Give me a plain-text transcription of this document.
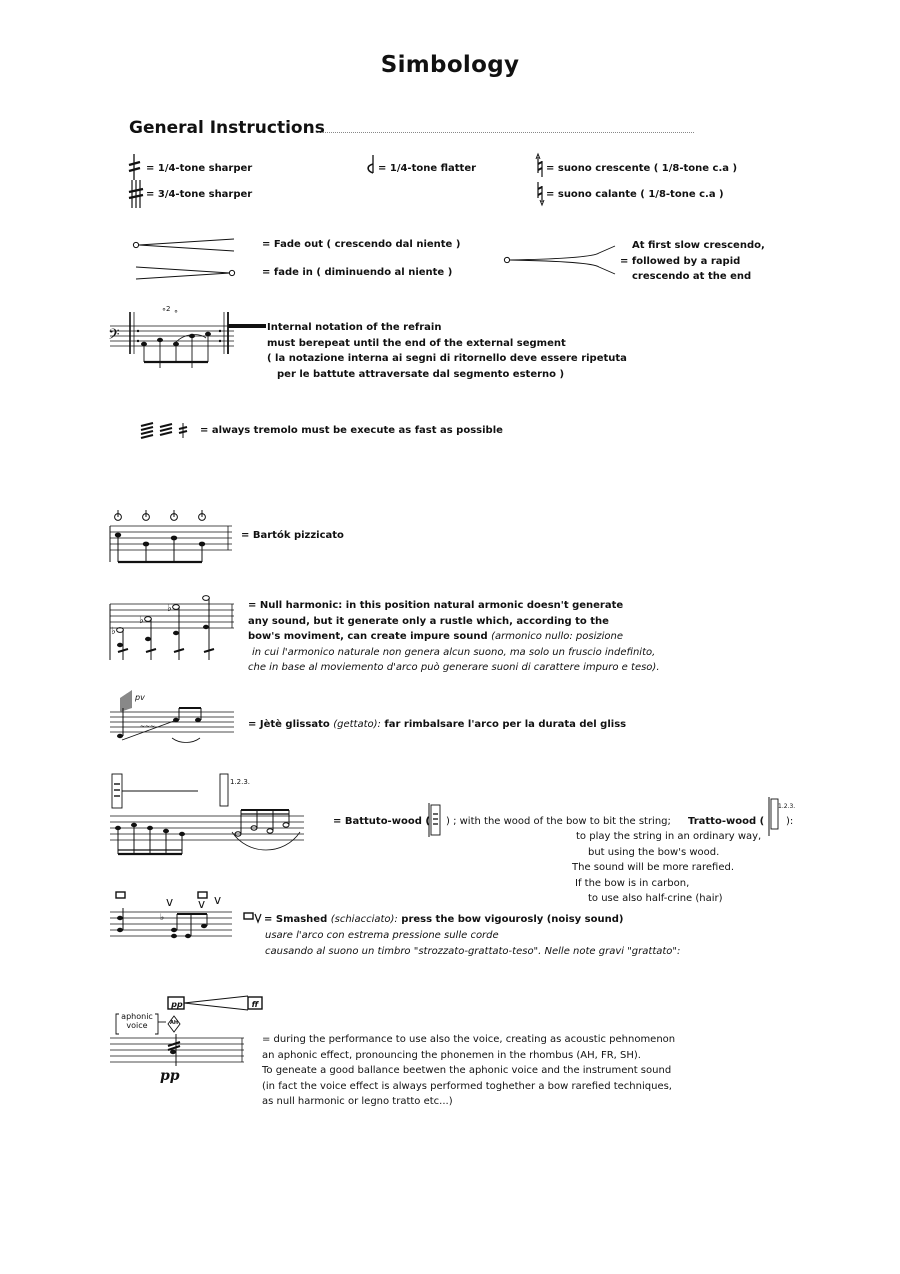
Simbology
General Instructions
= 1/4-tone sharper
= 3/4-tone sharper
= 1/4-tone flatter	= suono crescente ( 1/8-tone c.a )
= suono calante ( 1/8-tone c.a )
= Fade out ( crescendo dal niente )
= fade in ( diminuendo al niente )
At first slow crescendo,
= followed by a rapid
crescendo at the end
𝄢
° °
2
Internal notation of the refrain
must berepeat until the end of the external segment
( la notazione interna ai segni di ritornello deve essere ripetuta
per le battute attraversate dal segmento esterno )
= always tremolo must be execute as fast as possible
= Bartók pizzicato
♭
♭
♭	= Null harmonic: in this position natural armonic doesn't generate
any sound, but it generate only a rustle which, according to the
bow's moviment, can create impure sound (armonico nullo: posizione
in cui l'armonico naturale non genera alcun suono, ma solo un fruscio indefinito,
che in base al moviemento d'arco può generare suoni di carattere impuro e teso).
pv
~~~	= Jètè glissato (gettato): far rimbalsare l'arco per la durata del gliss
1.2.3.
= Battuto-wood ( ) ; with the wood of the bow to bit the string; Tratto-wood (
1.2.3.
):
to play the string in an ordinary way,
but using the bow's wood.
The sound will be more rarefied.
If the bow is in carbon,
to use also half-crine (hair)
v	v
v
♭	= Smashed (schiacciato): press the bow vigourosly (noisy sound)
usare l'arco con estrema pressione sulle corde
causando al suono un timbro "strozzato-grattato-teso". Nelle note gravi "grattato":
aphonic voice
pp	ff
AH
pp
= during the performance to use also the voice, creating as acoustic pehnomenon
an aphonic effect, pronouncing the phonemen in the rhombus (AH, FR, SH).
To geneate a good ballance beetwen the aphonic voice and the instrument sound
(in fact the voice effect is always performed toghether a bow rarefied techniques,
as null harmonic or legno tratto etc...)
